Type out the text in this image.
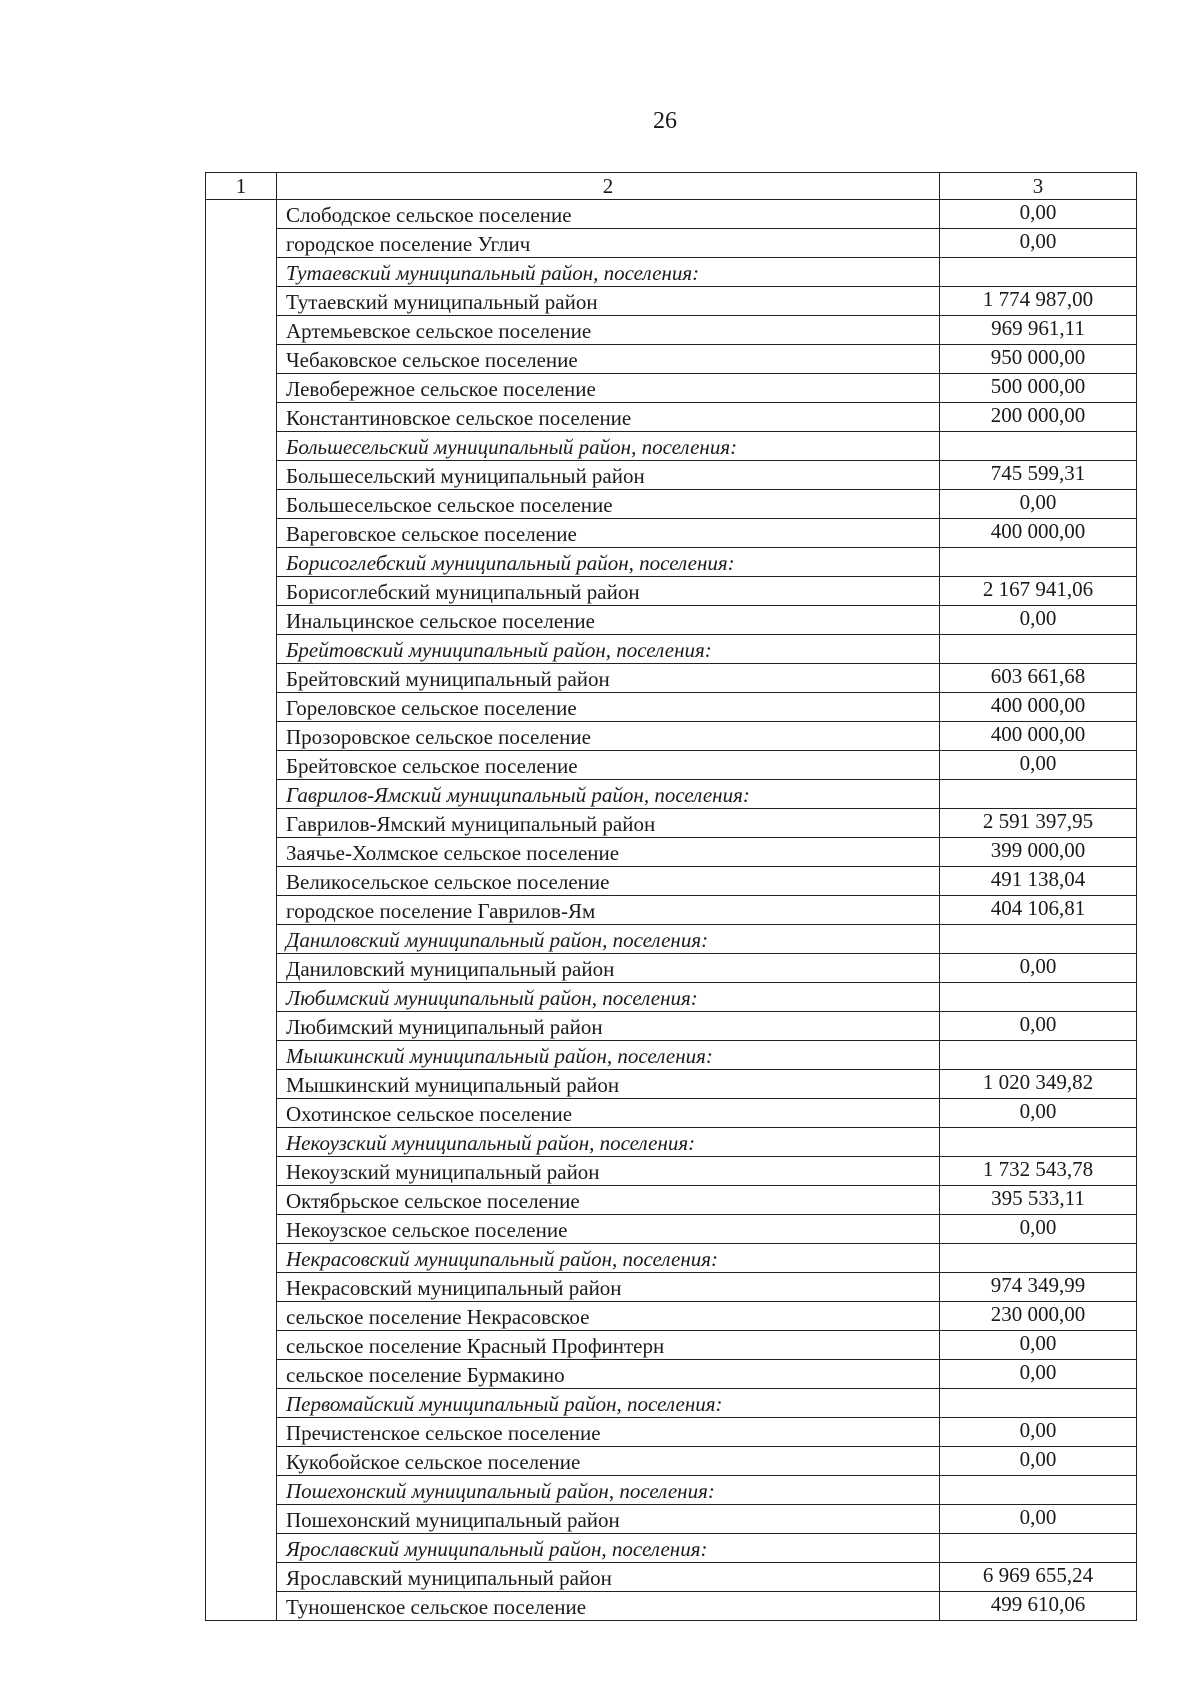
26
1	2	3
	Слободское сельское поселение	0,00
	городское поселение Углич	0,00
	Тутаевский муниципальный район, поселения:	
	Тутаевский муниципальный район	1 774 987,00
	Артемьевское сельское поселение	969 961,11
	Чебаковское сельское поселение	950 000,00
	Левобережное сельское поселение	500 000,00
	Константиновское сельское поселение	200 000,00
	Большесельский муниципальный район, поселения:	
	Большесельский муниципальный район	745 599,31
	Большесельское сельское поселение	0,00
	Вареговское сельское поселение	400 000,00
	Борисоглебский муниципальный район, поселения:	
	Борисоглебский муниципальный район	2 167 941,06
	Инальцинское сельское поселение	0,00
	Брейтовский муниципальный район, поселения:	
	Брейтовский муниципальный район	603 661,68
	Гореловское сельское поселение	400 000,00
	Прозоровское сельское поселение	400 000,00
	Брейтовское сельское поселение	0,00
	Гаврилов-Ямский муниципальный район, поселения:	
	Гаврилов-Ямский муниципальный район	2 591 397,95
	Заячье-Холмское сельское поселение	399 000,00
	Великосельское сельское поселение	491 138,04
	городское поселение Гаврилов-Ям	404 106,81
	Даниловский муниципальный район, поселения:	
	Даниловский муниципальный район	0,00
	Любимский муниципальный район, поселения:	
	Любимский муниципальный район	0,00
	Мышкинский муниципальный район, поселения:	
	Мышкинский муниципальный район	1 020 349,82
	Охотинское сельское поселение	0,00
	Некоузский муниципальный район, поселения:	
	Некоузский муниципальный район	1 732 543,78
	Октябрьское сельское поселение	395 533,11
	Некоузское сельское поселение	0,00
	Некрасовский муниципальный район, поселения:	
	Некрасовский муниципальный район	974 349,99
	сельское поселение Некрасовское	230 000,00
	сельское поселение Красный Профинтерн	0,00
	сельское поселение Бурмакино	0,00
	Первомайский муниципальный район, поселения:	
	Пречистенское сельское поселение	0,00
	Кукобойское сельское поселение	0,00
	Пошехонский муниципальный район, поселения:	
	Пошехонский муниципальный район	0,00
	Ярославский муниципальный район, поселения:	
	Ярославский муниципальный район	6 969 655,24
	Туношенское сельское поселение	499 610,06
